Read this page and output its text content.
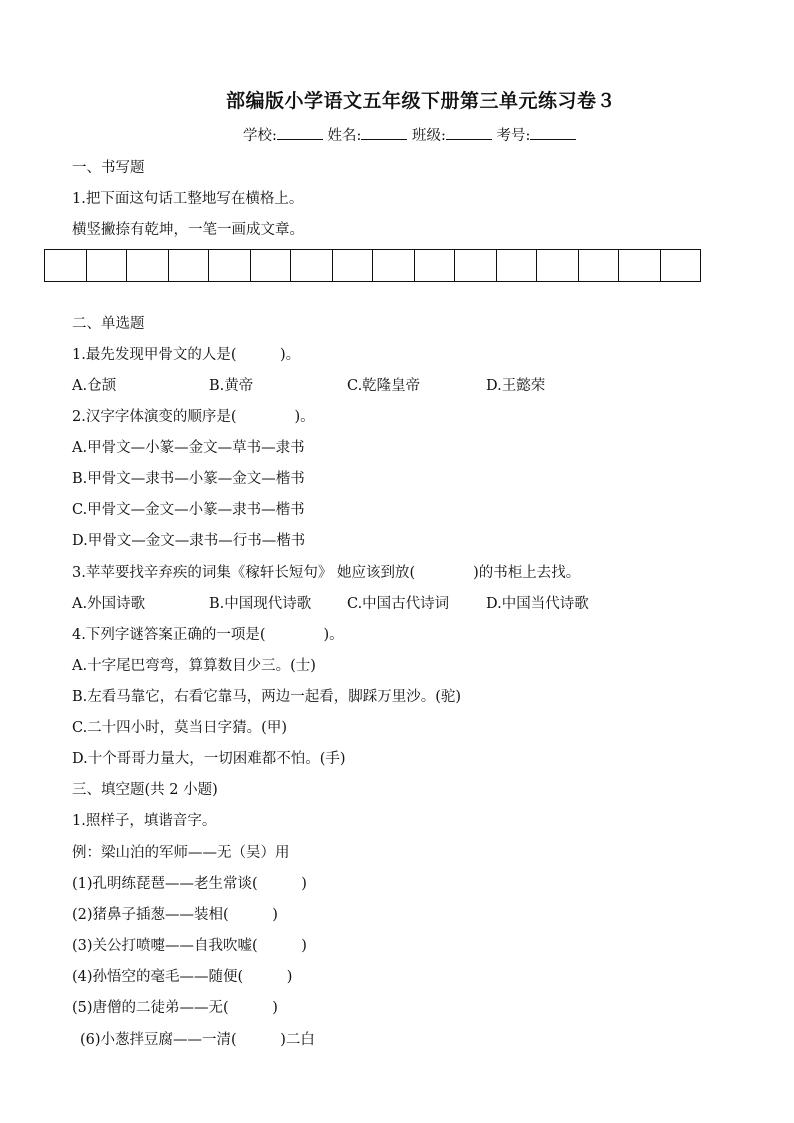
部编版小学语文五年级下册第三单元练习卷３
学校:	姓名:	班级:	考号:
一、书写题
1.把下面这句话工整地写在横格上。
横竖撇捺有乾坤，一笔一画成文章。
二、单选题
1.最先发现甲骨文的人是(　　　)。
A.仓颉	B.黄帝	C.乾隆皇帝	D.王懿荣
2.汉字字体演变的顺序是(　　　　)。
A.甲骨文—小篆—金文—草书—隶书
B.甲骨文—隶书—小篆—金文—楷书
C.甲骨文—金文—小篆—隶书—楷书
D.甲骨文—金文—隶书—行书—楷书
3.苹苹要找辛弃疾的词集《稼轩长短句》 她应该到放(　　　　)的书柜上去找。
A.外国诗歌	B.中国现代诗歌 C.中国古代诗词	D.中国当代诗歌
4.下列字谜答案正确的一项是(　　　　)。
A.十字尾巴弯弯，算算数目少三。(士)
B.左看马靠它，右看它靠马，两边一起看，脚踩万里沙。(驼)
C.二十四小时，莫当日字猜。(甲)
D.十个哥哥力量大，一切困难都不怕。(手)
三、填空题(共 2 小题)
1.照样子，填谐音字。
例：梁山泊的军师——无（吴）用
(1)孔明练琵琶——老生常谈(　　　)
(2)猪鼻子插葱——装相(　　　)
(3)关公打喷嚏——自我吹嘘(　　　)
(4)孙悟空的毫毛——随便(　　　)
(5)唐僧的二徒弟——无(　　　)
(6)小葱拌豆腐——一清(　　　)二白
